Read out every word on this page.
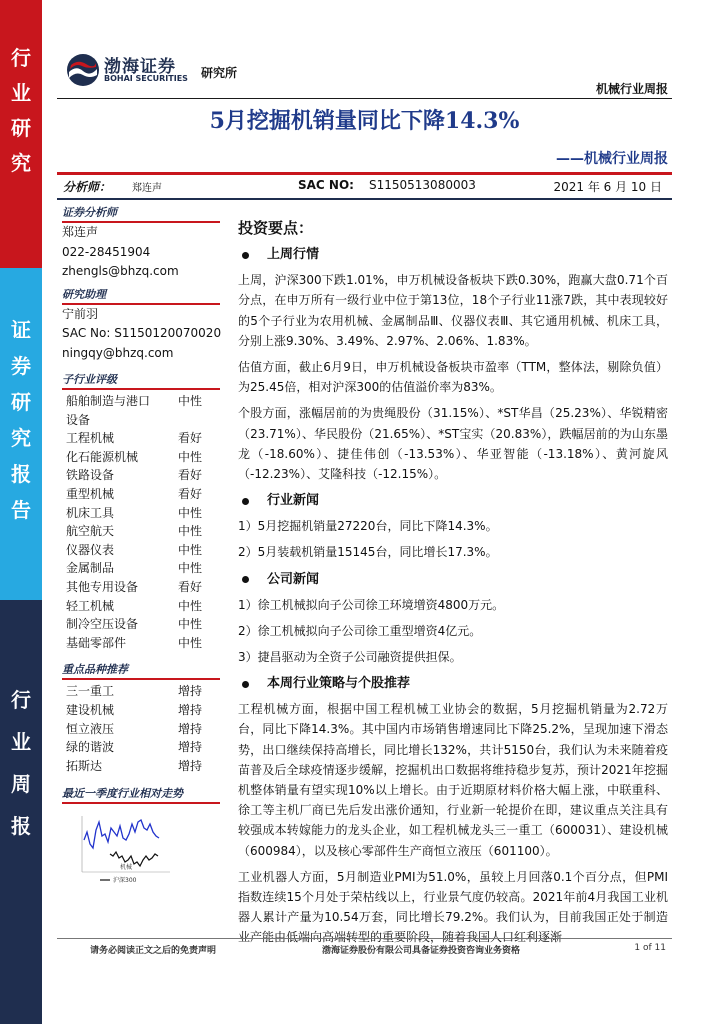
行
业
研
究
证
券
研
究
报
告
行
业
周
报
渤海证券
BOHAI SECURITIES 研究所
机械行业周报
5月挖掘机销量同比下降14.3%
——机械行业周报
分析师： 郑连声	SAC NO: S1150513080003	2021 年 6 月 10 日
证券分析师
郑连声
022-28451904
zhengls@bhzq.com
研究助理
宁前羽
SAC No: S1150120070020
ningqy@bhzq.com
子行业评级
船舶制造与港口 中性
设备
工程机械	看好
化石能源机械	中性
铁路设备	看好
重型机械	看好
机床工具	中性
航空航天	中性
仪器仪表	中性
金属制品	中性
其他专用设备	看好
轻工机械	中性
制冷空压设备	中性
基础零部件	中性
重点品种推荐
三一重工	增持
建设机械	增持
恒立液压	增持
绿的谐波	增持
拓斯达	增持
最近一季度行业相对走势
机械
沪深300
投资要点：
上周行情

上周，沪深300下跌1.01%，申万机械设备板块下跌0.30%，跑赢大盘0.71个百分点，在申万所有一级行业中位于第13位，18个子行业11涨7跌，其中表现较好的5个子行业为农用机械、金属制品Ⅲ、仪器仪表Ⅲ、其它通用机械、机床工具，分别上涨9.30%、3.49%、2.97%、2.06%、1.83%。

估值方面，截止6月9日，申万机械设备板块市盈率（TTM，整体法，剔除负值）为25.45倍，相对沪深300的估值溢价率为83%。

个股方面，涨幅居前的为贵绳股份（31.15%）、*ST华昌（25.23%）、华锐精密（23.71%）、华民股份（21.65%）、*ST宝实（20.83%），跌幅居前的为山东墨龙（-18.60%）、捷佳伟创（-13.53%）、华亚智能（-13.18%）、黄河旋风（-12.23%）、艾隆科技（-12.15%）。

行业新闻

1）5月挖掘机销量27220台，同比下降14.3%。

2）5月装载机销量15145台，同比增长17.3%。

公司新闻

1）徐工机械拟向子公司徐工环境增资4800万元。

2）徐工机械拟向子公司徐工重型增资4亿元。

3）捷昌驱动为全资子公司融资提供担保。

本周行业策略与个股推荐

工程机械方面，根据中国工程机械工业协会的数据，5月挖掘机销量为2.72万台，同比下降14.3%。其中国内市场销售增速同比下降25.2%，呈现加速下滑态势，出口继续保持高增长，同比增长132%，共计5150台，我们认为未来随着疫苗普及后全球疫情逐步缓解，挖掘机出口数据将维持稳步复苏，预计2021年挖掘机整体销量有望实现10%以上增长。由于近期原材料价格大幅上涨，中联重科、徐工等主机厂商已先后发出涨价通知，行业新一轮提价在即，建议重点关注具有较强成本转嫁能力的龙头企业，如工程机械龙头三一重工（600031）、建设机械（600984），以及核心零部件生产商恒立液压（601100）。

工业机器人方面，5月制造业PMI为51.0%，虽较上月回落0.1个百分点，但PMI指数连续15个月处于荣枯线以上，行业景气度仍较高。2021年前4月我国工业机器人累计产量为10.54万套，同比增长79.2%。我们认为，目前我国正处于制造业产能由低端向高端转型的重要阶段，随着我国人口红利逐渐

请务必阅读正文之后的免责声明	渤海证券股份有限公司具备证券投资咨询业务资格	1 of 11
